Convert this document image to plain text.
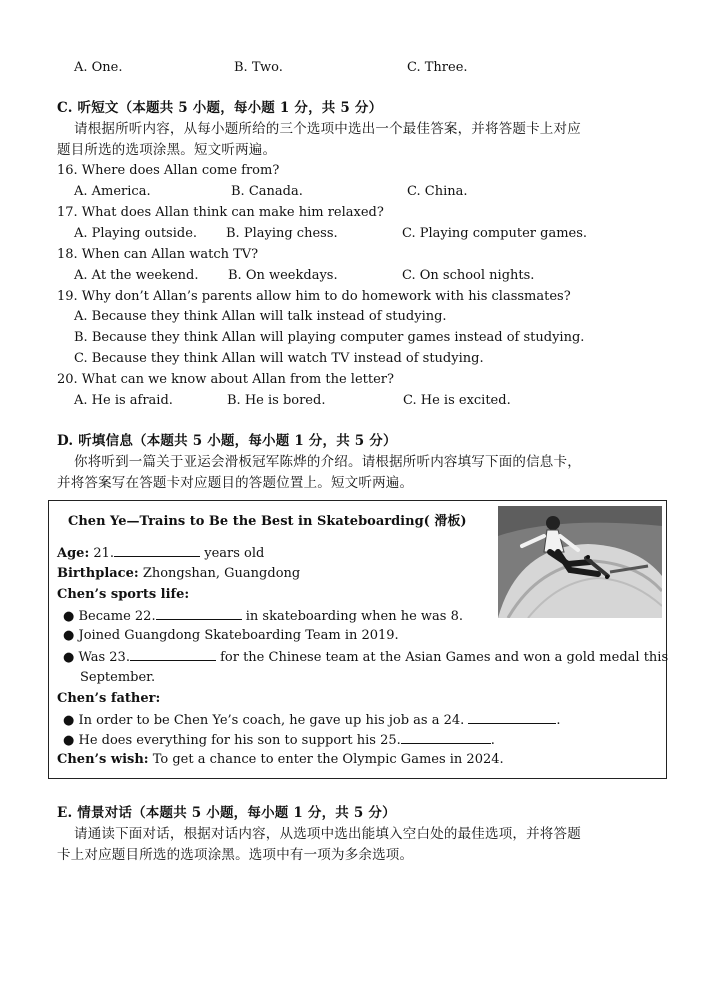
A. One.	B. Two.	C. Three.
C. 听短文（本题共 5 小题，每小题 1 分，共 5 分）
请根据所听内容，从每小题所给的三个选项中选出一个最佳答案，并将答题卡上对应
题目所选的选项涂黑。短文听两遍。
16. Where does Allan come from?
A. America.	B. Canada.	C. China.
17. What does Allan think can make him relaxed?
A. Playing outside. B. Playing chess.	C. Playing computer games.
18. When can Allan watch TV?
A. At the weekend. B. On weekdays.	C. On school nights.
19. Why don’t Allan’s parents allow him to do homework with his classmates?
A. Because they think Allan will talk instead of studying.
B. Because they think Allan will playing computer games instead of studying.
C. Because they think Allan will watch TV instead of studying.
20. What can we know about Allan from the letter?
A. He is afraid.	B. He is bored.	C. He is excited.
D. 听填信息（本题共 5 小题，每小题 1 分，共 5 分）
你将听到一篇关于亚运会滑板冠军陈烨的介绍。请根据所听内容填写下面的信息卡，
并将答案写在答题卡对应题目的答题位置上。短文听两遍。
Chen Ye—Trains to Be the Best in Skateboarding( 滑板)
Age: 21.	years old
Birthplace: Zhongshan, Guangdong
Chen’s sports life:
● Became 22.	in skateboarding when he was 8.
● Joined Guangdong Skateboarding Team in 2019.
● Was 23.	for the Chinese team at the Asian Games and won a gold medal this
September.
Chen’s father:
● In order to be Chen Ye’s coach, he gave up his job as a 24.	.
● He does everything for his son to support his 25.	.
Chen’s wish: To get a chance to enter the Olympic Games in 2024.
E. 情景对话（本题共 5 小题，每小题 1 分，共 5 分）
请通读下面对话，根据对话内容，从选项中选出能填入空白处的最佳选项，并将答题
卡上对应题目所选的选项涂黑。选项中有一项为多余选项。
